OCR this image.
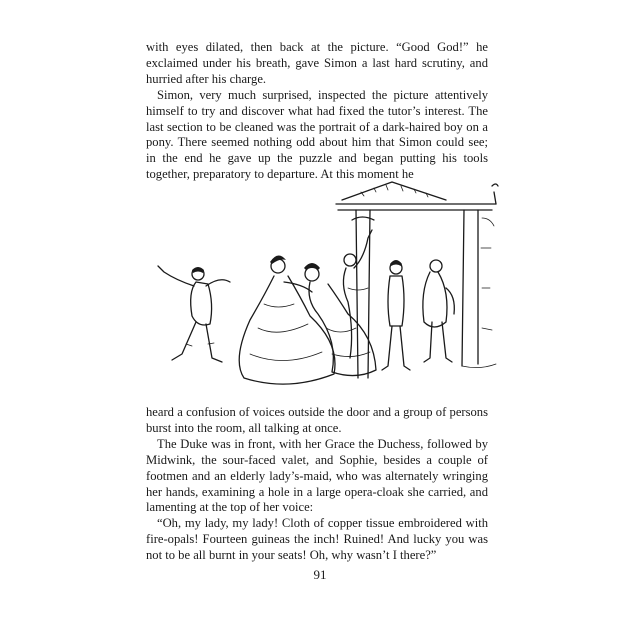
with eyes dilated, then back at the picture. “Good God!” he exclaimed under his breath, gave Simon a last hard scrutiny, and hurried after his charge.

Simon, very much surprised, inspected the picture attentively himself to try and discover what had fixed the tutor’s interest. The last section to be cleaned was the portrait of a dark-haired boy on a pony. There seemed nothing odd about him that Simon could see; in the end he gave up the puzzle and began putting his tools together, preparatory to departure. At this moment he

heard a confusion of voices outside the door and a group of persons burst into the room, all talking at once.

The Duke was in front, with her Grace the Duchess, followed by Midwink, the sour-faced valet, and Sophie, besides a couple of footmen and an elderly lady’s-maid, who was alternately wringing her hands, examining a hole in a large opera-cloak she carried, and lamenting at the top of her voice:

“Oh, my lady, my lady! Cloth of copper tissue embroidered with fire-opals! Fourteen guineas the inch! Ruined! And lucky you was not to be all burnt in your seats! Oh, why wasn’t I there?”

91
